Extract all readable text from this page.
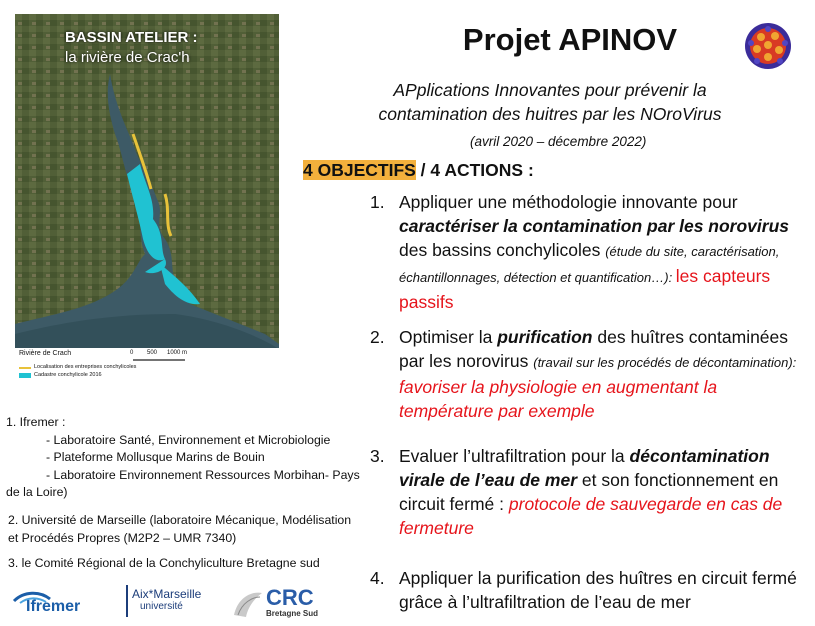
BASSIN ATELIER :
la rivière de Crac'h
Rivière de Crach
Localisation des entreprises conchylicoles
Cadastre conchylicole 2016
0 500 1000 m
Projet APINOV
APplications Innovantes pour prévenir la
contamination des huitres par les NOroVirus
(avril 2020 – décembre 2022)
4 OBJECTIFS / 4 ACTIONS :
1. Appliquer une méthodologie innovante pour caractériser la contamination par les norovirus des bassins conchylicoles (étude du site, caractérisation, échantillonnages, détection et quantification…): les capteurs passifs
2. Optimiser la purification des huîtres contaminées par les norovirus (travail sur les procédés de décontamination): favoriser la physiologie en augmentant la température par exemple
3. Evaluer l’ultrafiltration pour la décontamination virale de l’eau de mer et son fonctionnement en circuit fermé : protocole de sauvegarde en cas de fermeture
4. Appliquer la purification des huîtres en circuit fermé grâce à l’ultrafiltration de l’eau de mer
1. Ifremer :
- Laboratoire Santé, Environnement et Microbiologie
- Plateforme Mollusque Marins de Bouin
- Laboratoire Environnement Ressources Morbihan- Pays
de la Loire)
2. Université de Marseille (laboratoire Mécanique, Modélisation
et Procédés Propres (M2P2 – UMR 7340)
3. le Comité Régional de la Conchyliculture Bretagne sud
Ifremer
Aix*Marseille
université	CRC
Bretagne Sud
